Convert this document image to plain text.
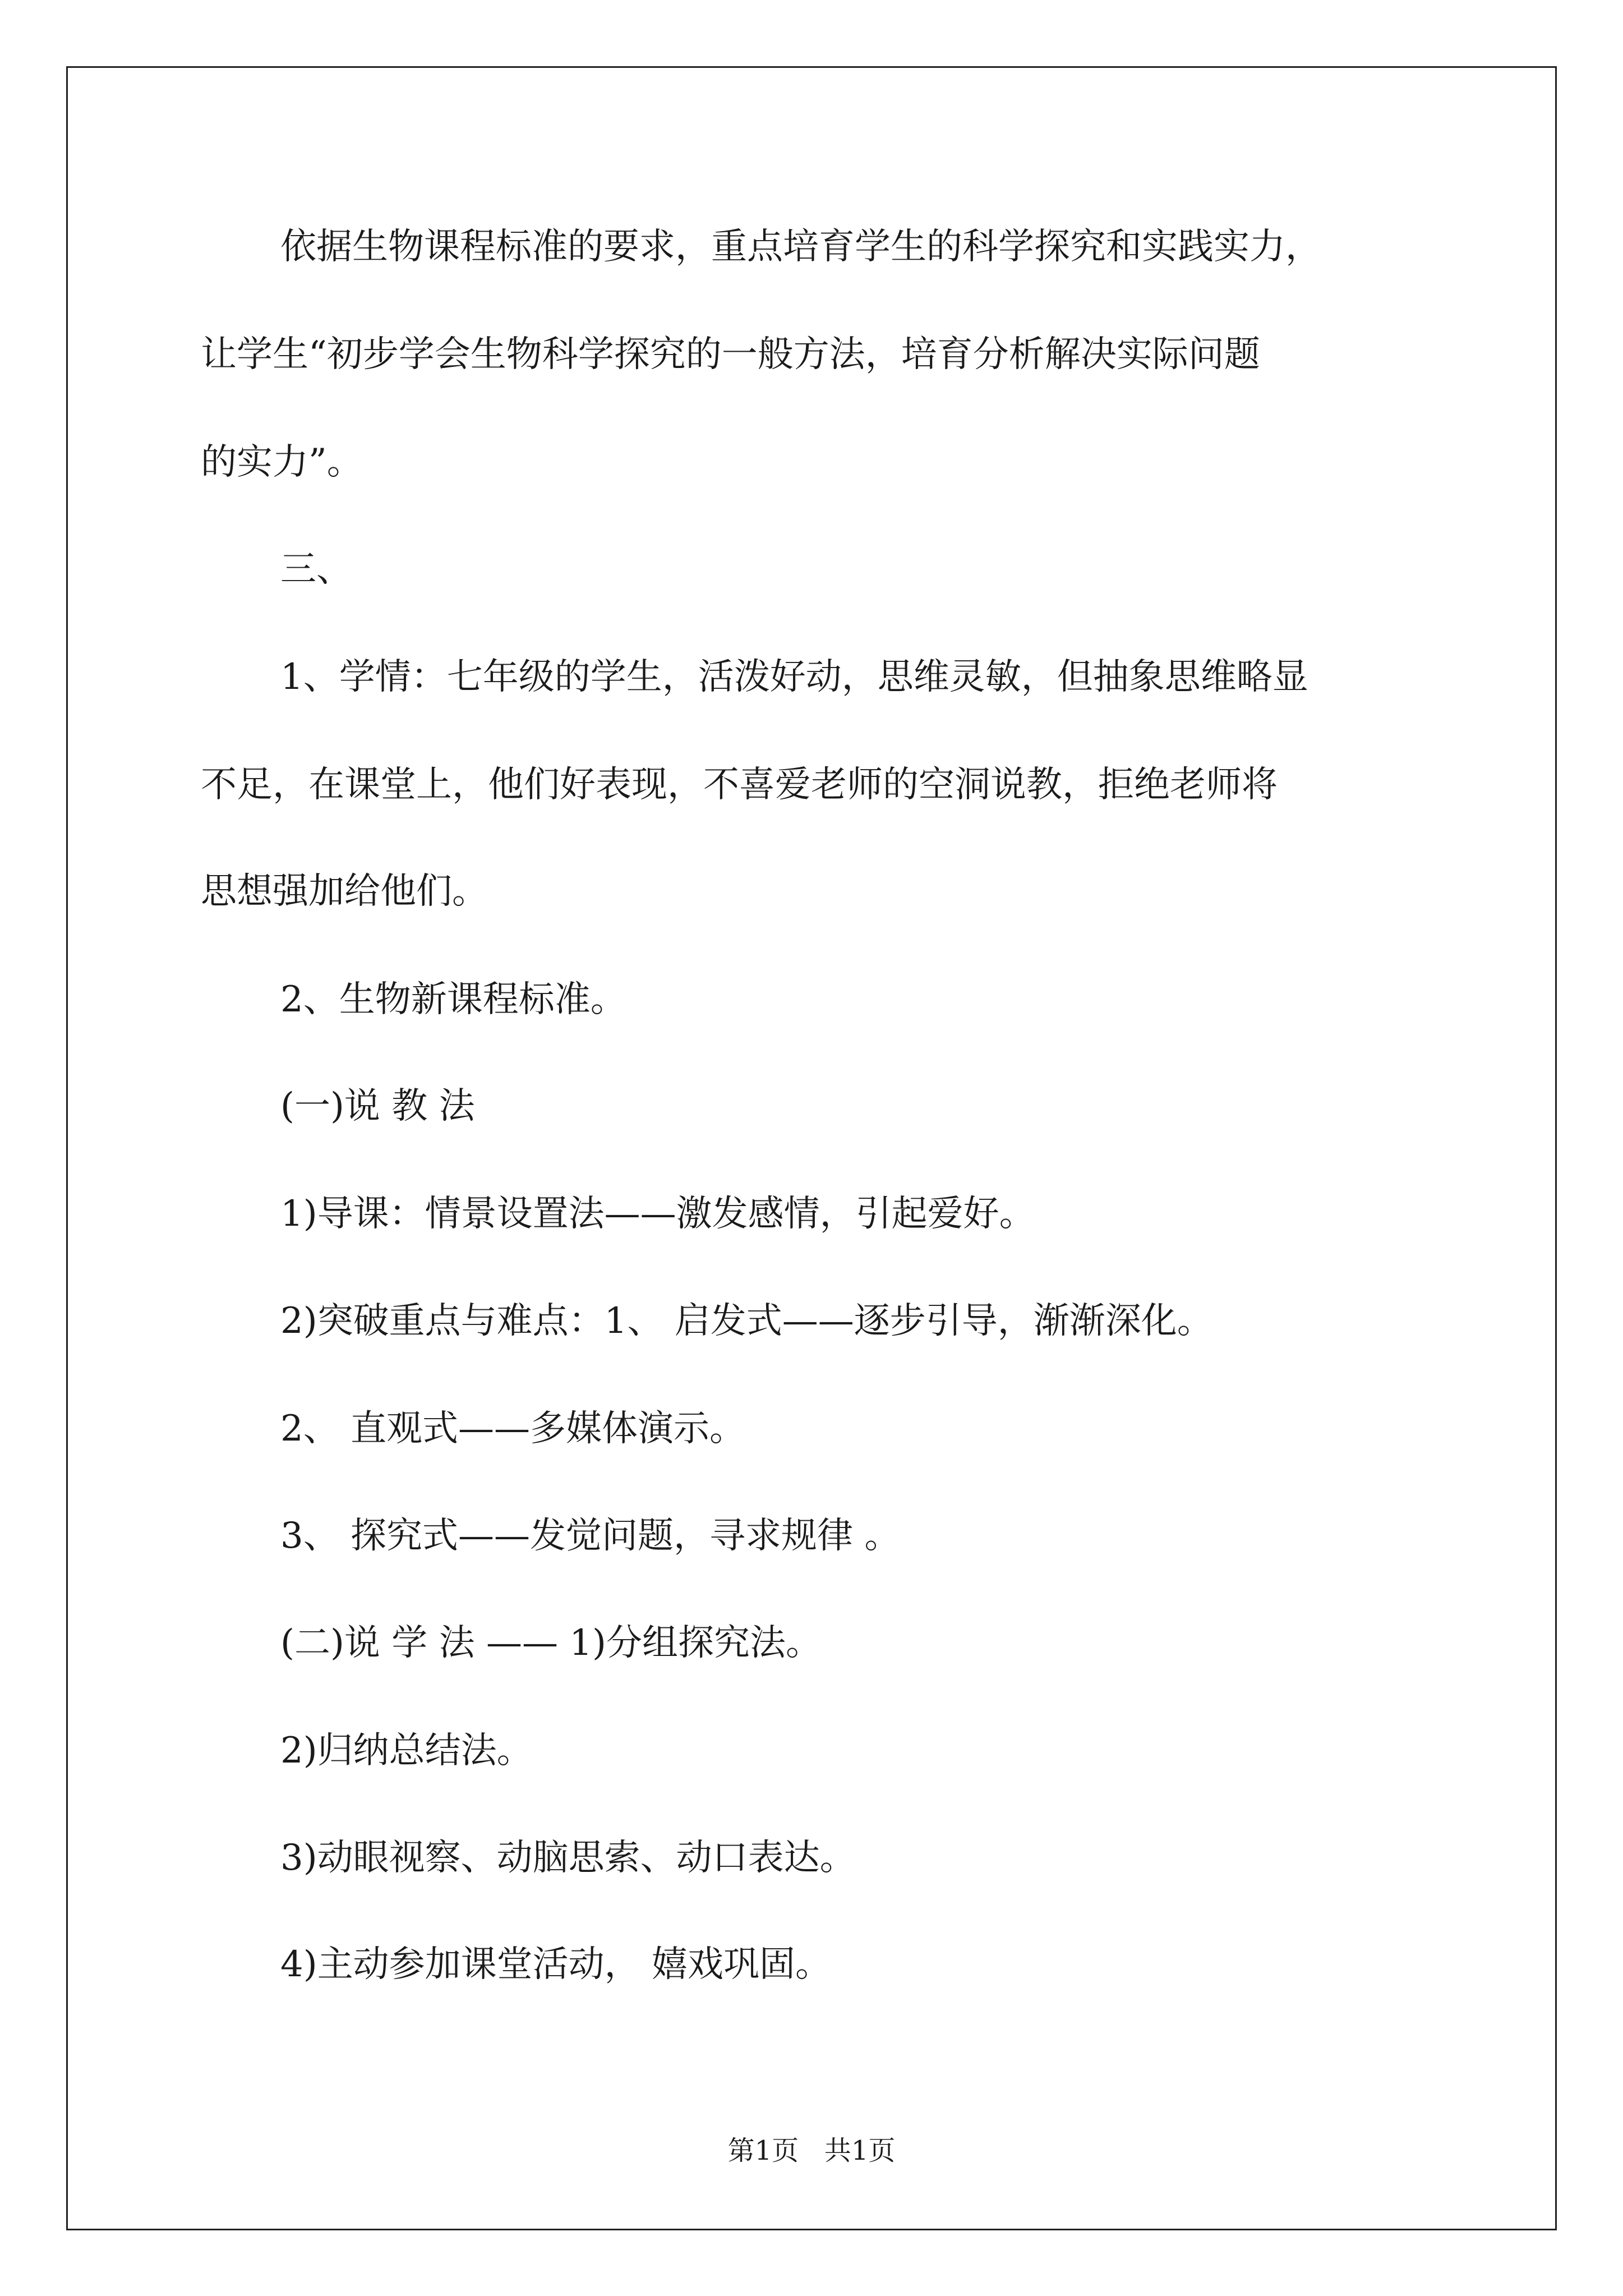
依据生物课程标准的要求，重点培育学生的科学探究和实践实力，

让学生“初步学会生物科学探究的一般方法，培育分析解决实际问题

的实力”。

三、

1、学情：七年级的学生，活泼好动，思维灵敏，但抽象思维略显

不足，在课堂上，他们好表现，不喜爱老师的空洞说教，拒绝老师将

思想强加给他们。

2、生物新课程标准。

(一)说 教 法

1)导课：情景设置法——激发感情，引起爱好。

2)突破重点与难点：1、 启发式——逐步引导，渐渐深化。

2、 直观式——多媒体演示。

3、 探究式——发觉问题，寻求规律 。

(二)说 学 法 —— 1)分组探究法。

2)归纳总结法。

3)动眼视察、动脑思索、动口表达。

4)主动参加课堂活动， 嬉戏巩固。

第1页   共1页
